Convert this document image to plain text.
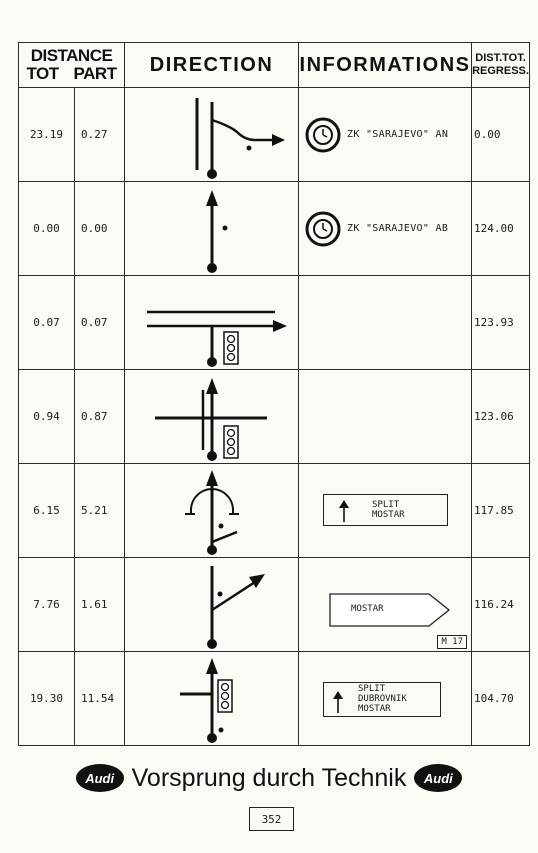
DISTANCE
TOT PART		DIRECTION	INFORMATIONS	DIST.TOT.
REGRESS.
23.19	0.27		ZK "SARAJEVO" AN	0.00
0.00	0.00		ZK "SARAJEVO" AB	124.00
0.07	0.07			123.93
0.94	0.87			123.06
6.15	5.21		SPLIT
MOSTAR	117.85
7.76	1.61		MOSTAR
M 17	116.24
19.30	11.54		SPLIT
DUBROVNIK
MOSTAR	104.70
Audi Vorsprung durch Technik	Audi
352
